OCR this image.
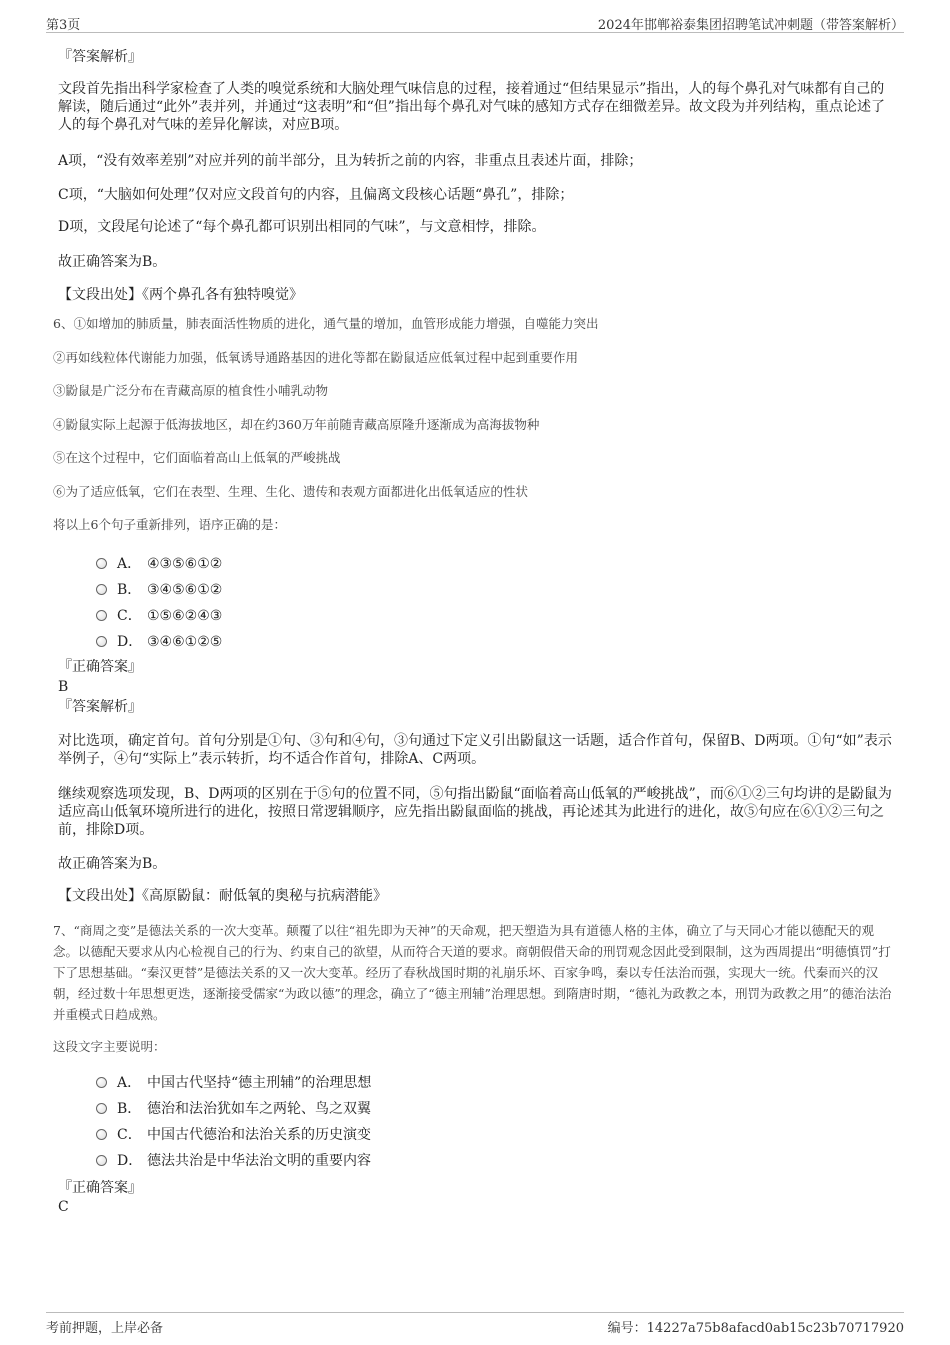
第3页	2024年邯郸裕泰集团招聘笔试冲刺题（带答案解析）
『答案解析』
文段首先指出科学家检查了人类的嗅觉系统和大脑处理气味信息的过程，接着通过“但结果显示”指出，人的每个鼻孔对气味都有自己的解读，随后通过“此外”表并列，并通过“这表明”和“但”指出每个鼻孔对气味的感知方式存在细微差异。故文段为并列结构，重点论述了人的每个鼻孔对气味的差异化解读，对应B项。
A项，“没有效率差别”对应并列的前半部分，且为转折之前的内容，非重点且表述片面，排除；
C项，“大脑如何处理”仅对应文段首句的内容，且偏离文段核心话题“鼻孔”，排除；
D项，文段尾句论述了“每个鼻孔都可识别出相同的气味”，与文意相悖，排除。
故正确答案为B。
【文段出处】《两个鼻孔各有独特嗅觉》
6、①如增加的肺质量，肺表面活性物质的进化，通气量的增加，血管形成能力增强，自噬能力突出
②再如线粒体代谢能力加强，低氧诱导通路基因的进化等都在鼢鼠适应低氧过程中起到重要作用
③鼢鼠是广泛分布在青藏高原的植食性小哺乳动物
④鼢鼠实际上起源于低海拔地区，却在约360万年前随青藏高原隆升逐渐成为高海拔物种
⑤在这个过程中，它们面临着高山上低氧的严峻挑战
⑥为了适应低氧，它们在表型、生理、生化、遗传和表观方面都进化出低氧适应的性状
将以上6个句子重新排列，语序正确的是：
A． ④③⑤⑥①②
B． ③④⑤⑥①②
C． ①⑤⑥②④③
D． ③④⑥①②⑤
『正确答案』
B
『答案解析』
对比选项，确定首句。首句分别是①句、③句和④句，③句通过下定义引出鼢鼠这一话题，适合作首句，保留B、D两项。①句“如”表示举例子，④句“实际上”表示转折，均不适合作首句，排除A、C两项。
继续观察选项发现，B、D两项的区别在于⑤句的位置不同，⑤句指出鼢鼠“面临着高山低氧的严峻挑战”，而⑥①②三句均讲的是鼢鼠为适应高山低氧环境所进行的进化，按照日常逻辑顺序，应先指出鼢鼠面临的挑战，再论述其为此进行的进化，故⑤句应在⑥①②三句之前，排除D项。
故正确答案为B。
【文段出处】《高原鼢鼠：耐低氧的奥秘与抗病潜能》
7、“商周之变”是德法关系的一次大变革。颠覆了以往“祖先即为天神”的天命观，把天塑造为具有道德人格的主体，确立了与天同心才能以德配天的观念。以德配天要求从内心检视自己的行为、约束自己的欲望，从而符合天道的要求。商朝假借天命的刑罚观念因此受到限制，这为西周提出“明德慎罚”打下了思想基础。“秦汉更替”是德法关系的又一次大变革。经历了春秋战国时期的礼崩乐坏、百家争鸣，秦以专任法治而强，实现大一统。代秦而兴的汉朝，经过数十年思想更迭，逐渐接受儒家“为政以德”的理念，确立了“德主刑辅”治理思想。到隋唐时期，“德礼为政教之本，刑罚为政教之用”的德治法治并重模式日趋成熟。
这段文字主要说明：
A． 中国古代坚持“德主刑辅”的治理思想
B． 德治和法治犹如车之两轮、鸟之双翼
C． 中国古代德治和法治关系的历史演变
D． 德法共治是中华法治文明的重要内容
『正确答案』
C
考前押题，上岸必备	编号：14227a75b8afacd0ab15c23b70717920
